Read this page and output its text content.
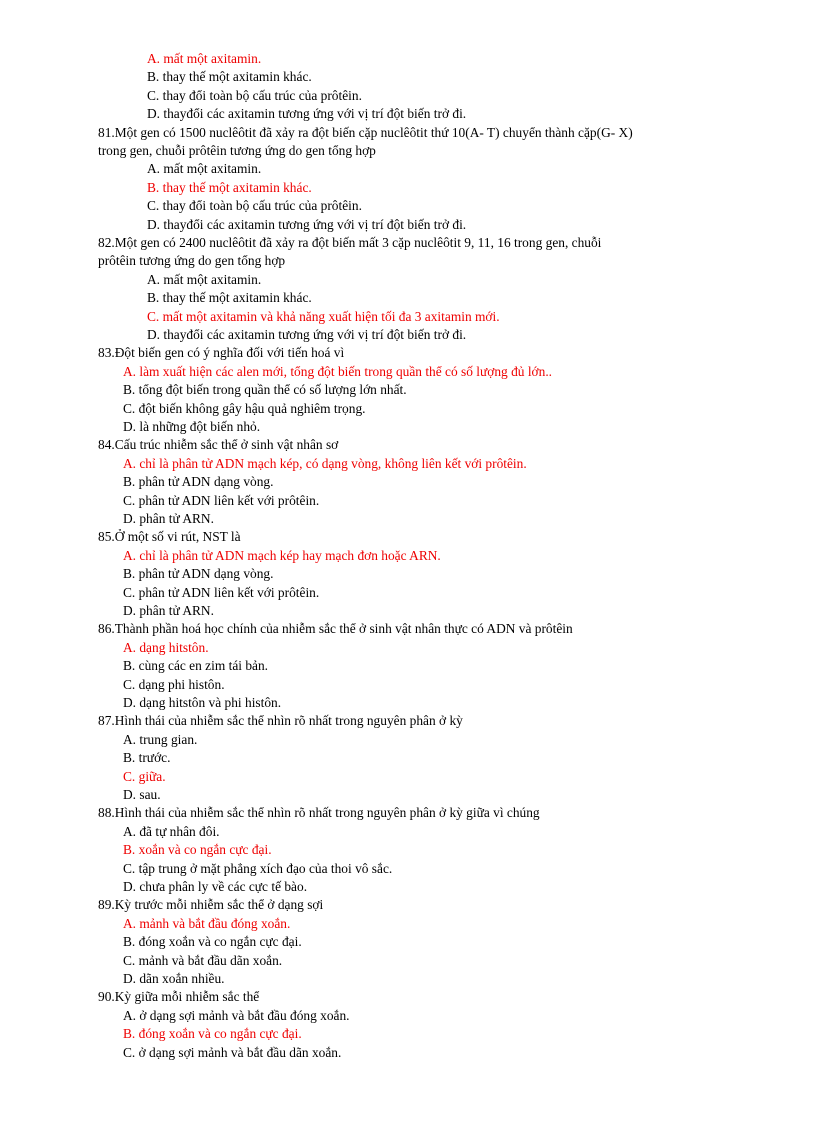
A. mất một axitamin.
B. thay thế một axitamin khác.
C. thay đổi toàn bộ cấu trúc của prôtêin.
D. thayđổi các axitamin tương ứng với vị trí đột biến trở đi.
81.Một gen có 1500 nuclêôtit đã xảy ra đột biến cặp nuclêôtit thứ 10(A- T) chuyển thành cặp(G- X)
trong gen, chuỗi prôtêin tương ứng do gen tổng hợp
A. mất một axitamin.
B. thay thế một axitamin khác.
C. thay đổi toàn bộ cấu trúc của prôtêin.
D. thayđổi các axitamin tương ứng với vị trí đột biến trở đi.
82.Một gen có 2400 nuclêôtit đã xảy ra đột biến mất 3 cặp nuclêôtit 9, 11, 16 trong gen, chuỗi
prôtêin tương ứng do gen tổng hợp
A. mất một axitamin.
B. thay thế một axitamin khác.
C. mất một axitamin và khả năng xuất hiện tối đa 3 axitamin mới.
D. thayđổi các axitamin tương ứng với vị trí đột biến trở đi.
83.Đột biến gen có ý nghĩa đối với tiến hoá vì
A. làm xuất hiện các alen mới, tổng đột biến trong quần thể có số lượng đủ lớn..
B. tổng đột biến trong quần thể có số lượng lớn nhất.
C. đột biến không gây hậu quả nghiêm trọng.
D. là những đột biến nhỏ.
84.Cấu trúc nhiễm sắc thể ở sinh vật nhân sơ
A. chỉ là phân tử ADN mạch kép, có dạng vòng, không liên kết với prôtêin.
B. phân tử ADN dạng vòng.
C. phân tử ADN liên kết với prôtêin.
D. phân tử ARN.
85.Ở một số vi rút, NST là
A. chỉ là phân tử ADN mạch kép hay mạch đơn hoặc ARN.
B. phân tử ADN dạng vòng.
C. phân tử ADN liên kết với prôtêin.
D. phân tử ARN.
86.Thành phần hoá học chính của nhiễm sắc thể ở sinh vật nhân thực có ADN và prôtêin
A. dạng hitstôn.
B. cùng các en zim tái bản.
C. dạng phi histôn.
D. dạng hitstôn và phi histôn.
87.Hình thái của nhiễm sắc thể nhìn rõ nhất trong nguyên phân ở kỳ
A. trung gian.
B. trước.
C. giữa.
D. sau.
88.Hình thái của nhiễm sắc thể nhìn rõ nhất trong nguyên phân ở kỳ giữa vì chúng
A. đã tự nhân đôi.
B. xoắn và co ngắn cực đại.
C. tập trung ở mặt phẳng xích đạo của thoi vô sắc.
D. chưa phân ly về các cực tế bào.
89.Kỳ trước mỗi nhiễm sắc thể ở dạng sợi
A. mảnh và bắt đầu đóng xoắn.
B. đóng xoắn và co ngắn cực đại.
C. mảnh và bắt đầu dãn xoắn.
D. dãn xoắn nhiều.
90.Kỳ giữa mỗi nhiễm sắc thể
A. ở dạng sợi mảnh và bắt đầu đóng xoắn.
B. đóng xoắn và co ngắn cực đại.
C. ở dạng sợi mảnh và bắt đầu dãn xoắn.
